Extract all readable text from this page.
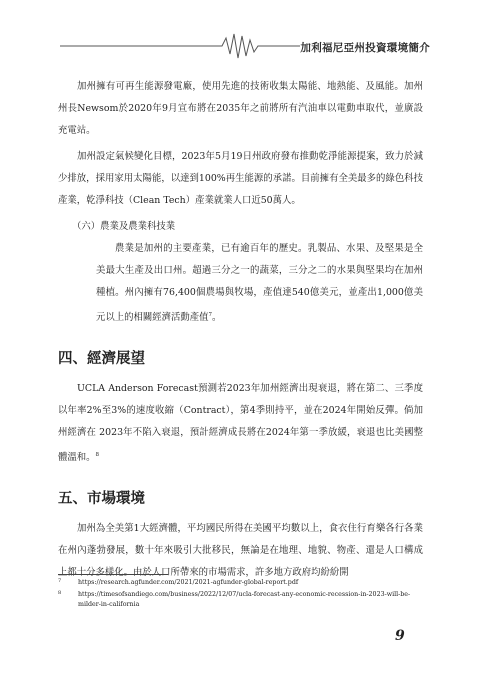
加利福尼亞州投資環境簡介

加州擁有可再生能源發電廠，使用先進的技術收集太陽能、地熱能、及風能。加州州長Newsom於2020年9月宣布將在2035年之前將所有汽油車以電動車取代，並廣設充電站。

加州設定氣候變化目標，2023年5月19日州政府發布推動乾淨能源提案，致力於減少排放，採用家用太陽能，以達到100%再生能源的承諾。目前擁有全美最多的綠色科技產業，乾淨科技（Clean Tech）產業就業人口近50萬人。

（六）農業及農業科技業

農業是加州的主要產業，已有逾百年的歷史。乳製品、水果、及堅果是全美最大生產及出口州。超過三分之一的蔬菜，三分之二的水果與堅果均在加州種植。州內擁有76,400個農場與牧場，產值達540億美元，並產出1,000億美元以上的相關經濟活動產值$^7$。

四、經濟展望

UCLA Anderson Forecast預測若2023年加州經濟出現衰退，將在第二、三季度以年率2%至3%的速度收縮（Contract），第4季則持平，並在2024年開始反彈。倘加州經濟在 2023年不陷入衰退，預計經濟成長將在2024年第一季放緩，衰退也比美國整體溫和。$^8$

五、市場環境

加州為全美第1大經濟體，平均國民所得在美國平均數以上，食衣住行育樂各行各業在州內蓬勃發展，數十年來吸引大批移民，無論是在地理、地貌、物產、還是人口構成上都十分多樣化。由於人口所帶來的市場需求，許多地方政府均紛紛開

7	https://research.agfunder.com/2021/2021-agfunder-global-report.pdf
8	https://timesofsandiego.com/business/2022/12/07/ucla-forecast-any-economic-recession-in-2023-will-be-milder-in-california
9
